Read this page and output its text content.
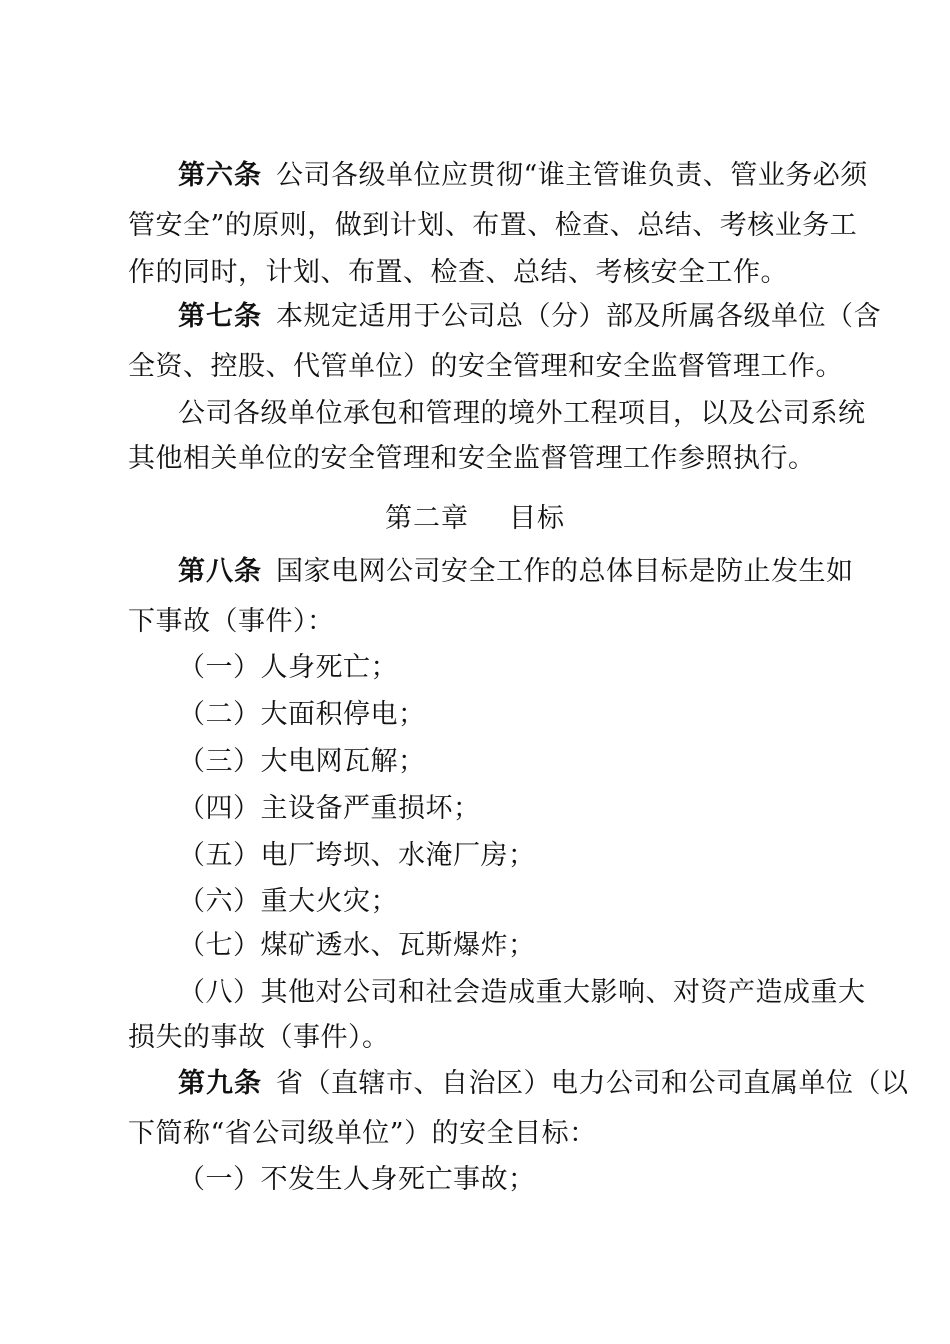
第六条 公司各级单位应贯彻“谁主管谁负责、管业务必须
管安全”的原则，做到计划、布置、检查、总结、考核业务工
作的同时，计划、布置、检查、总结、考核安全工作。
第七条 本规定适用于公司总（分）部及所属各级单位（含
全资、控股、代管单位）的安全管理和安全监督管理工作。
公司各级单位承包和管理的境外工程项目，以及公司系统
其他相关单位的安全管理和安全监督管理工作参照执行。
第二章 目标
第八条 国家电网公司安全工作的总体目标是防止发生如
下事故（事件）：
（一）人身死亡；
（二）大面积停电；
（三）大电网瓦解；
（四）主设备严重损坏；
（五）电厂垮坝、水淹厂房；
（六）重大火灾；
（七）煤矿透水、瓦斯爆炸；
（八）其他对公司和社会造成重大影响、对资产造成重大
损失的事故（事件）。
第九条 省（直辖市、自治区）电力公司和公司直属单位（以
下简称“省公司级单位”）的安全目标：
（一）不发生人身死亡事故；
